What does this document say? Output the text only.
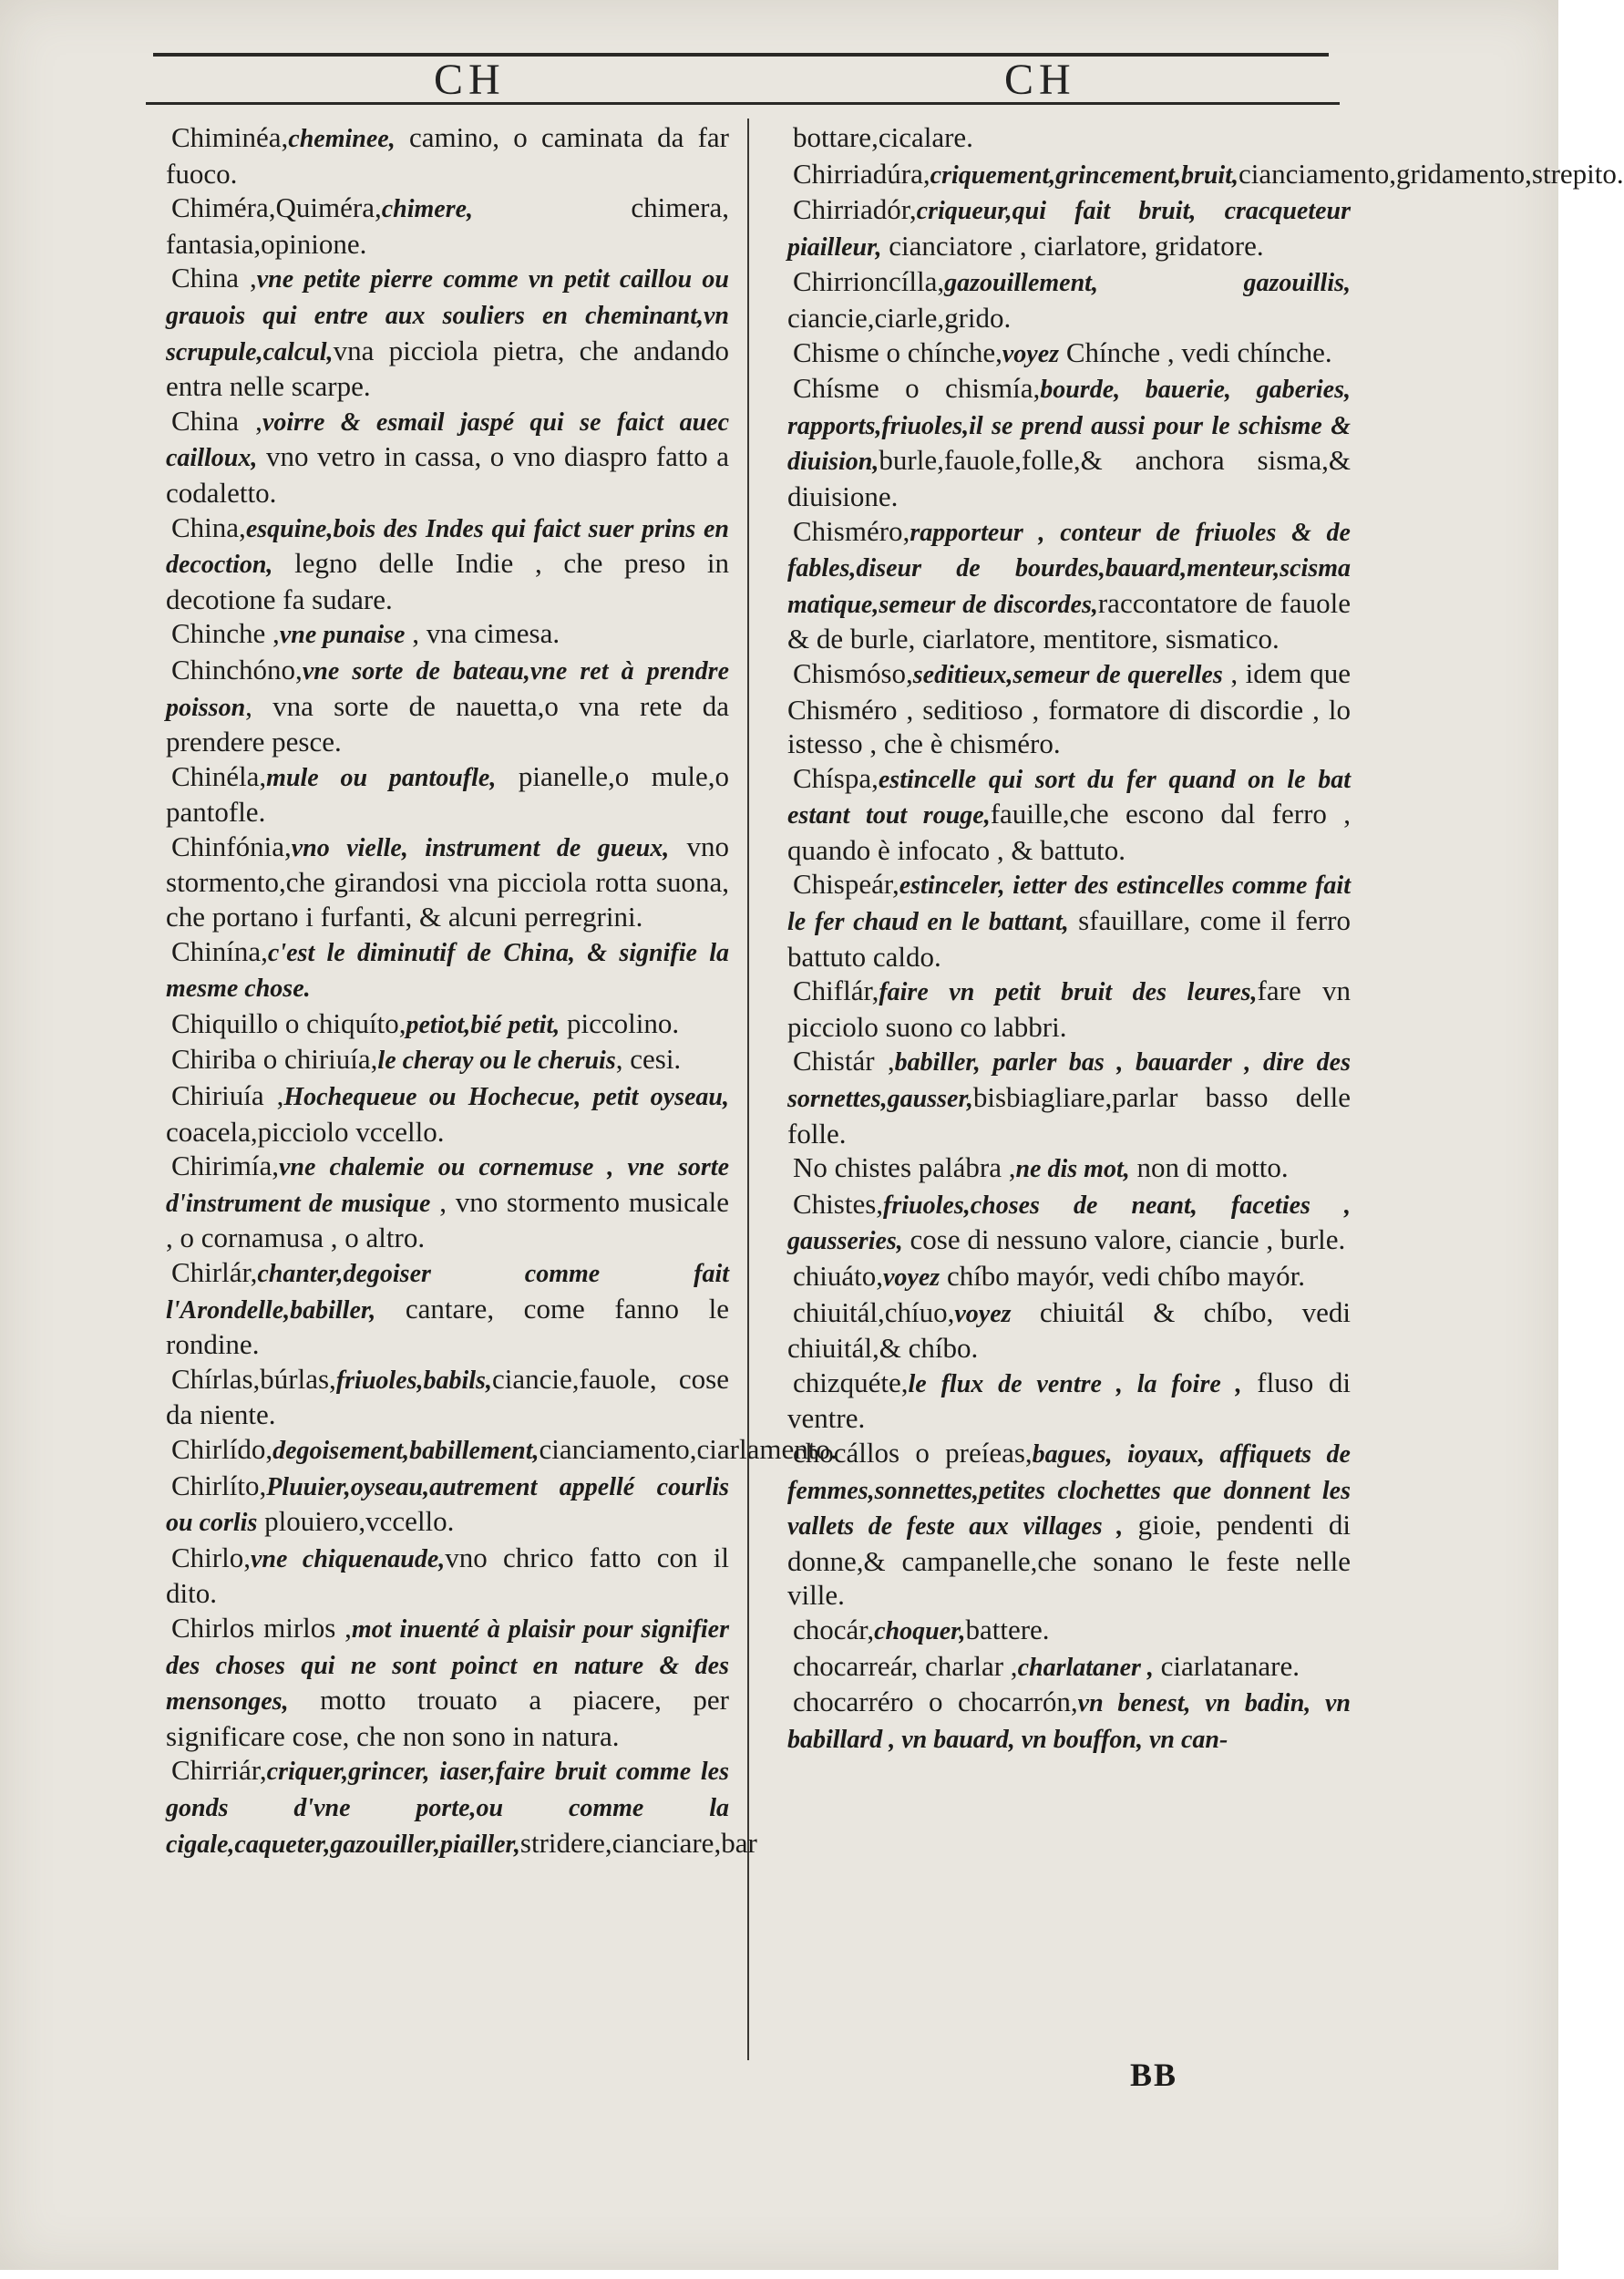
CH	CH

Chiminéa,cheminee, camino, o caminata da far fuoco.

Chiméra,Quiméra,chimere, chimera, fantasia,opinione.

China ,vne petite pierre comme vn petit caillou ou grauois qui entre aux souliers en cheminant,vn scrupule,calcul,vna picciola pietra, che andando entra nelle scarpe.

China ,voirre & esmail jaspé qui se faict auec cailloux, vno vetro in cassa, o vno diaspro fatto a codaletto.

China,esquine,bois des Indes qui faict suer prins en decoction, legno delle Indie , che preso in decotione fa sudare.

Chinche ,vne punaise , vna cimesa.

Chinchóno,vne sorte de bateau,vne ret à prendre poisson, vna sorte de nauetta,o vna rete da prendere pesce.

Chinéla,mule ou pantoufle, pianelle,o mule,o pantofle.

Chinfónia,vno vielle, instrument de gueux, vno stormento,che girandosi vna picciola rotta suona, che portano i furfanti, & alcuni perregrini.

Chinína,c'est le diminutif de China, & signifie la mesme chose.

Chiquillo o chiquíto,petiot,bié petit, piccolino.

Chiriba o chiriuía,le cheray ou le cheruis, cesi.

Chiriuía ,Hochequeue ou Hochecue, petit oyseau, coacela,picciolo vccello.

Chirimía,vne chalemie ou cornemuse , vne sorte d'instrument de musique , vno stormento musicale , o cornamusa , o altro.

Chirlár,chanter,degoiser comme fait l'Arondelle,babiller, cantare, come fanno le rondine.

Chírlas,búrlas,friuoles,babils,ciancie,fauole, cose da niente.

Chirlído,degoisement,babillement,cianciamento,ciarlamento.

Chirlíto,Pluuier,oyseau,autrement appellé courlis ou corlis plouiero,vccello.

Chirlo,vne chiquenaude,vno chrico fatto con il dito.

Chirlos mirlos ,mot inuenté à plaisir pour signifier des choses qui ne sont poinct en nature & des mensonges, motto trouato a piacere, per significare cose, che non sono in natura.

Chirriár,criquer,grincer, iaser,faire bruit comme les gonds d'vne porte,ou comme la cigale,caqueter,gazouiller,piailler,stridere,cianciare,bar

bottare,cicalare.

Chirriadúra,criquement,grincement,bruit,cianciamento,gridamento,strepito.

Chirriadór,criqueur,qui fait bruit, cracqueteur piailleur, cianciatore , ciarlatore, gridatore.

Chirrioncílla,gazouillement, gazouillis, ciancie,ciarle,grido.

Chisme o chínche,voyez Chínche , vedi chínche.

Chísme o chismía,bourde, bauerie, gaberies, rapports,friuoles,il se prend aussi pour le schisme & diuision,burle,fauole,folle,& anchora sisma,& diuisione.

Chisméro,rapporteur , conteur de friuoles & de fables,diseur de bourdes,bauard,menteur,scisma matique,semeur de discordes,raccontatore de fauole & de burle, ciarlatore, mentitore, sismatico.

Chismóso,seditieux,semeur de querelles , idem que Chisméro , seditioso , formatore di discordie , lo istesso , che è chisméro.

Chíspa,estincelle qui sort du fer quand on le bat estant tout rouge,fauille,che escono dal ferro , quando è infocato , & battuto.

Chispeár,estinceler, ietter des estincelles comme fait le fer chaud en le battant, sfauillare, come il ferro battuto caldo.

Chiflár,faire vn petit bruit des leures,fare vn picciolo suono co labbri.

Chistár ,babiller, parler bas , bauarder , dire des sornettes,gausser,bisbiagliare,parlar basso delle folle.

No chistes palábra ,ne dis mot, non di motto.

Chistes,friuoles,choses de neant, faceties , gausseries, cose di nessuno valore, ciancie , burle.

chiuáto,voyez chíbo mayór, vedi chíbo mayór.

chiuitál,chíuo,voyez chiuitál & chíbo, vedi chiuitál,& chíbo.

chizquéte,le flux de ventre , la foire , fluso di ventre.

chocállos o preíeas,bagues, ioyaux, affiquets de femmes,sonnettes,petites clochettes que donnent les vallets de feste aux villages , gioie, pendenti di donne,& campanelle,che sonano le feste nelle ville.

chocár,choquer,battere.

chocarreár, charlar ,charlataner , ciarlatanare.

chocarréro o chocarrón,vn benest, vn badin, vn babillard , vn bauard, vn bouffon, vn can-

BB
